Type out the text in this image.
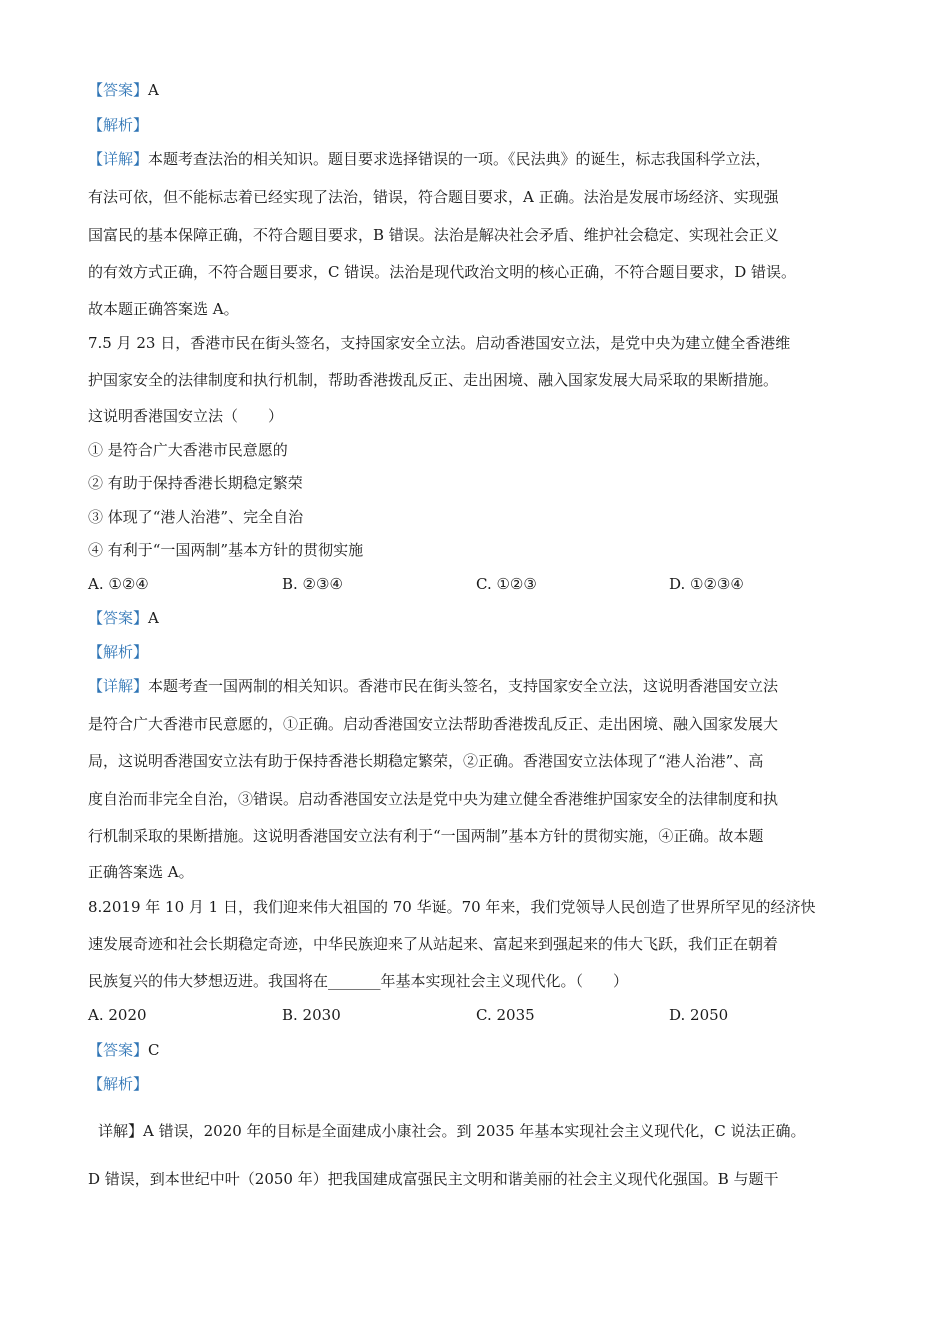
【答案】A
【解析】
【详解】本题考查法治的相关知识。题目要求选择错误的一项。《民法典》的诞生，标志我国科学立法，
有法可依，但不能标志着已经实现了法治，错误，符合题目要求，A 正确。法治是发展市场经济、实现强
国富民的基本保障正确，不符合题目要求，B 错误。法治是解决社会矛盾、维护社会稳定、实现社会正义
的有效方式正确，不符合题目要求，C 错误。法治是现代政治文明的核心正确，不符合题目要求，D 错误。
故本题正确答案选 A。
7.5 月 23 日，香港市民在街头签名，支持国家安全立法。启动香港国安立法，是党中央为建立健全香港维
护国家安全的法律制度和执行机制，帮助香港拨乱反正、走出困境、融入国家发展大局采取的果断措施。
这说明香港国安立法（　　）
① 是符合广大香港市民意愿的
② 有助于保持香港长期稳定繁荣
③ 体现了“港人治港”、完全自治
④ 有利于“一国两制”基本方针的贯彻实施
A. ①②④	B. ②③④	C. ①②③	D. ①②③④
【答案】A
【解析】
【详解】本题考查一国两制的相关知识。香港市民在街头签名，支持国家安全立法，这说明香港国安立法
是符合广大香港市民意愿的，①正确。启动香港国安立法帮助香港拨乱反正、走出困境、融入国家发展大
局，这说明香港国安立法有助于保持香港长期稳定繁荣，②正确。香港国安立法体现了“港人治港”、高
度自治而非完全自治，③错误。启动香港国安立法是党中央为建立健全香港维护国家安全的法律制度和执
行机制采取的果断措施。这说明香港国安立法有利于“一国两制”基本方针的贯彻实施，④正确。故本题
正确答案选 A。
8.2019 年 10 月 1 日，我们迎来伟大祖国的 70 华诞。70 年来，我们党领导人民创造了世界所罕见的经济快
速发展奇迹和社会长期稳定奇迹，中华民族迎来了从站起来、富起来到强起来的伟大飞跃，我们正在朝着
民族复兴的伟大梦想迈进。我国将在_______年基本实现社会主义现代化。（　　）
A. 2020	B. 2030	C. 2035	D. 2050
【答案】C
【解析】
详解】A 错误，2020 年的目标是全面建成小康社会。到 2035 年基本实现社会主义现代化，C 说法正确。
D 错误，到本世纪中叶（2050 年）把我国建成富强民主文明和谐美丽的社会主义现代化强国。B 与题干
